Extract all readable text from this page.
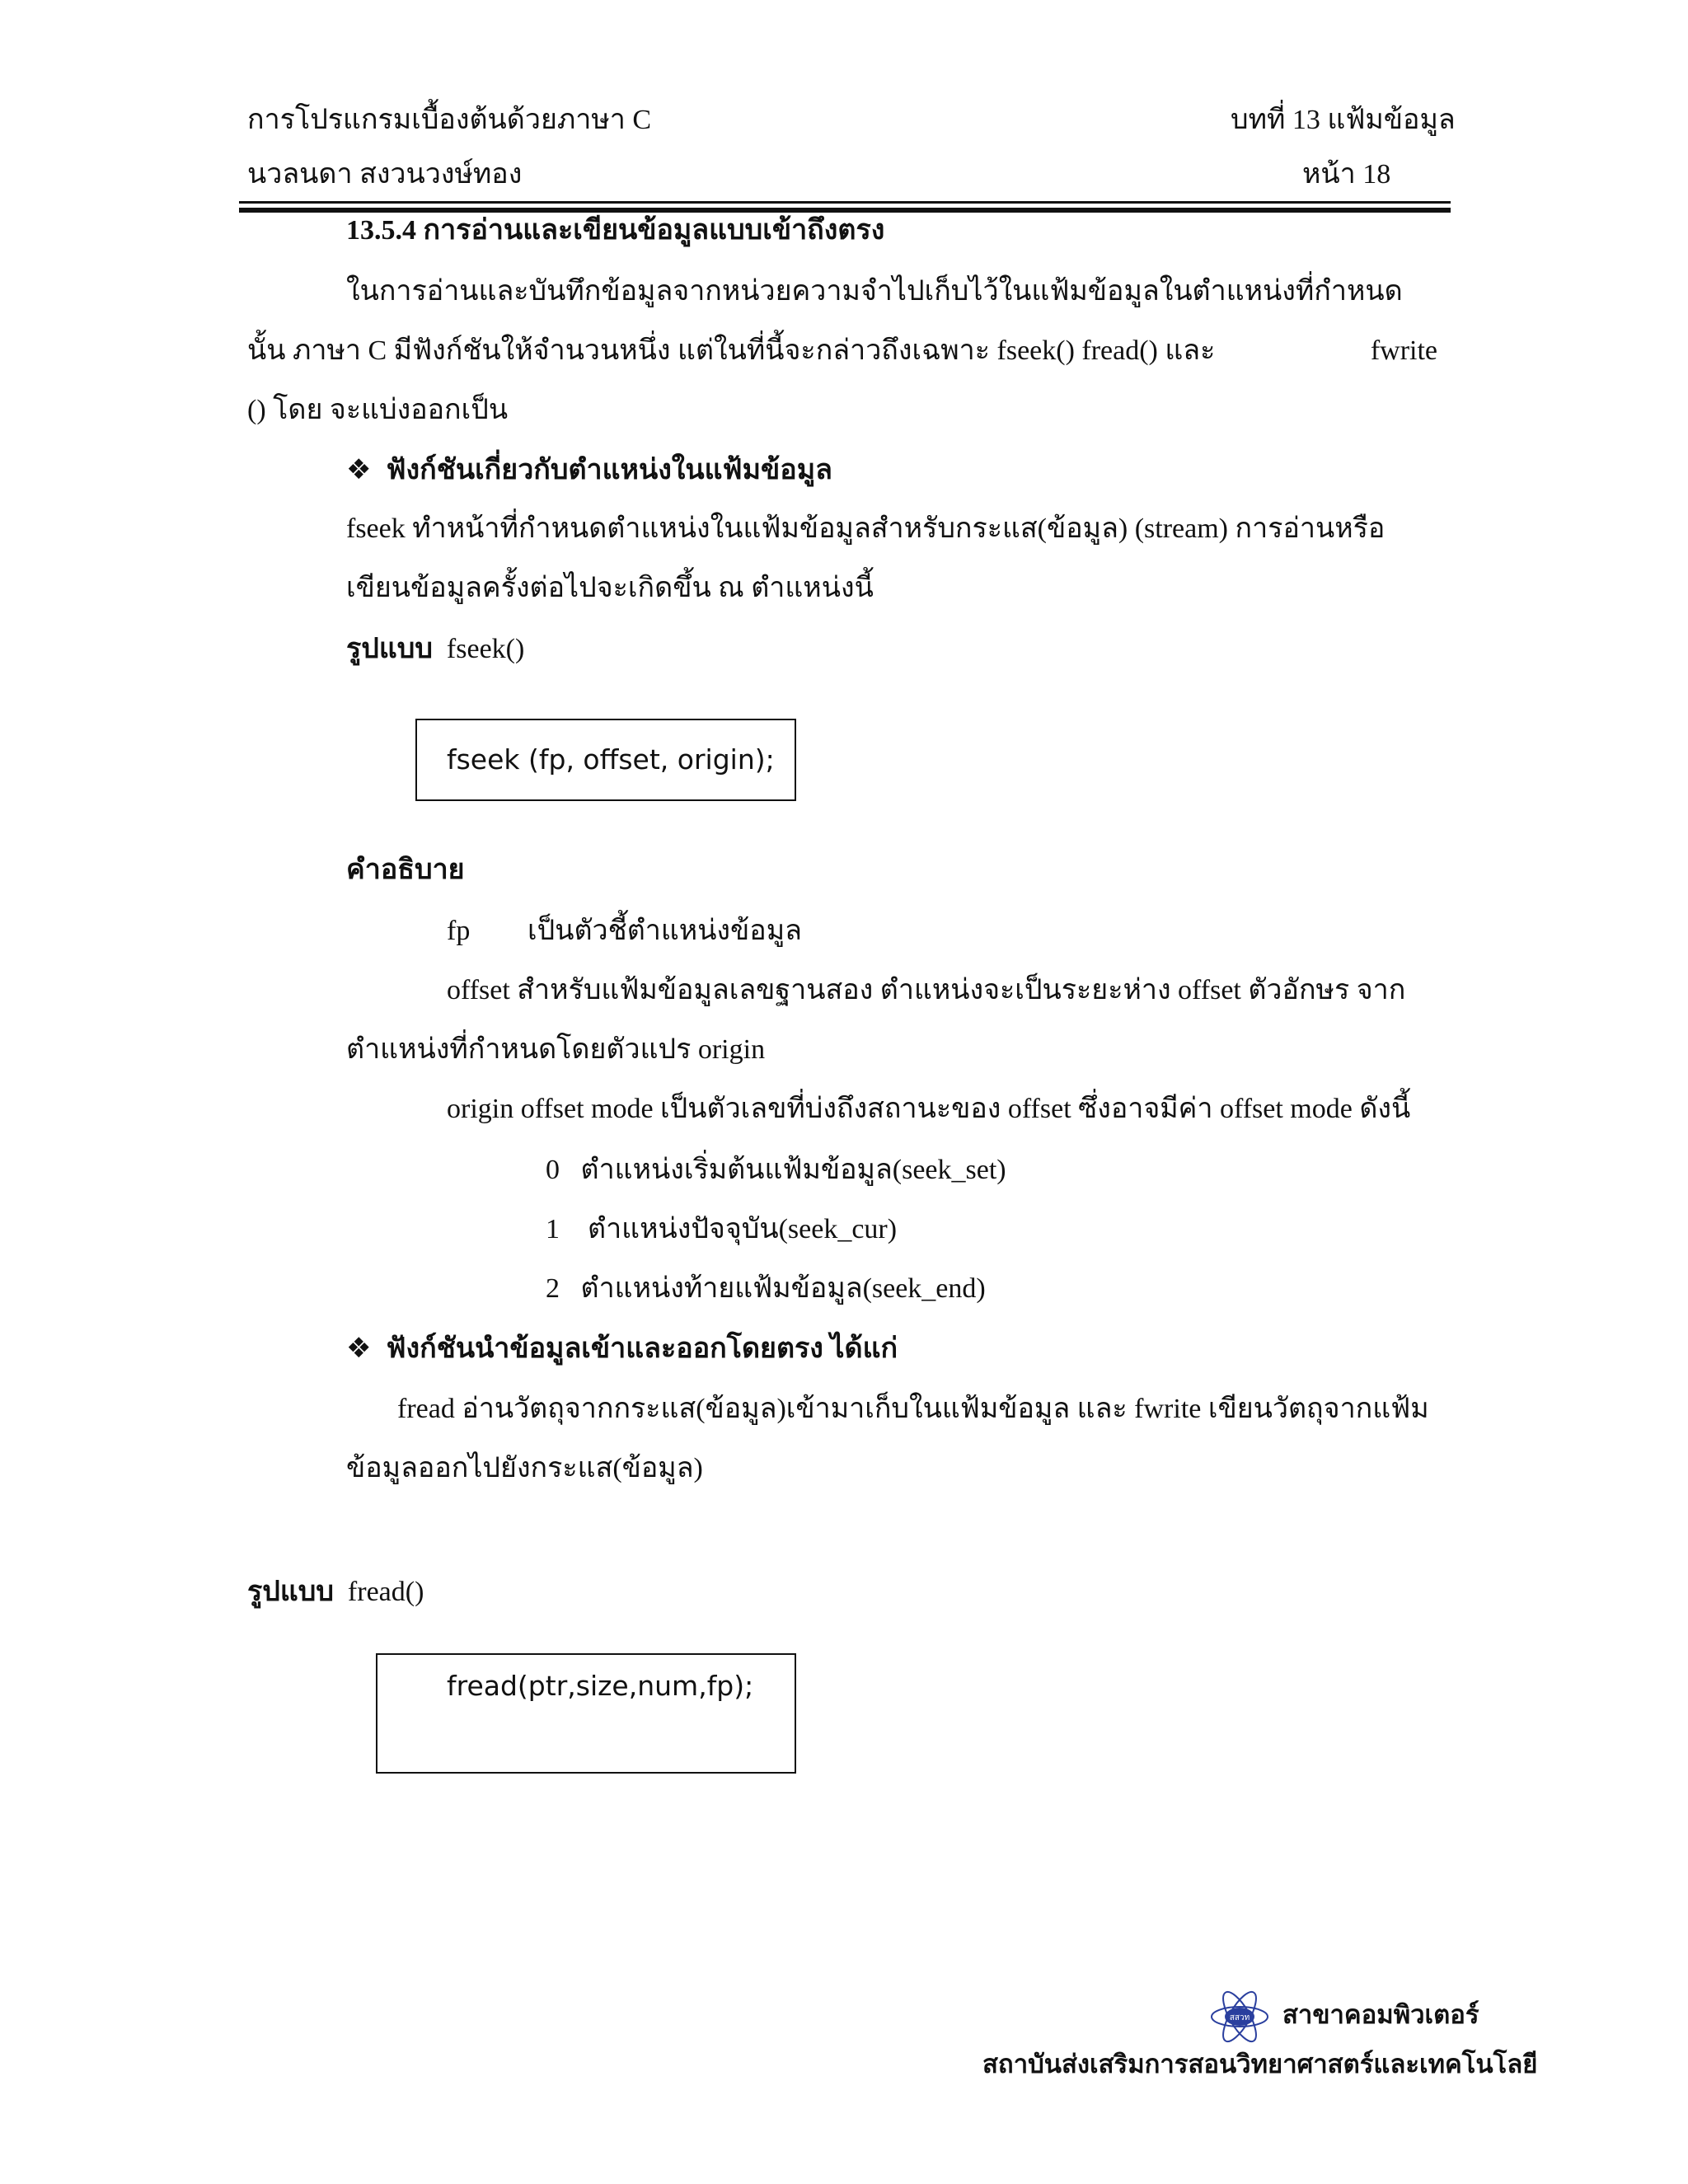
การโปรแกรมเบื้องต้นด้วยภาษา C	บทที่ 13 แฟ้มข้อมูล
นวลนดา สงวนวงษ์ทอง	หน้า 18
13.5.4 การอ่านและเขียนข้อมูลแบบเข้าถึงตรง
ในการอ่านและบันทึกข้อมูลจากหน่วยความจำไปเก็บไว้ในแฟ้มข้อมูลในตำแหน่งที่กำหนด
นั้น ภาษา C มีฟังก์ชันให้จำนวนหนึ่ง แต่ในที่นี้จะกล่าวถึงเฉพาะ fseek() fread() และ	fwrite
() โดย จะแบ่งออกเป็น
❖ ฟังก์ชันเกี่ยวกับตำแหน่งในแฟ้มข้อมูล
fseek ทำหน้าที่กำหนดตำแหน่งในแฟ้มข้อมูลสำหรับกระแส(ข้อมูล) (stream) การอ่านหรือ
เขียนข้อมูลครั้งต่อไปจะเกิดขึ้น ณ ตำแหน่งนี้
รูปแบบ fseek()
fseek (fp, offset, origin);
คำอธิบาย
fp เป็นตัวชี้ตำแหน่งข้อมูล
offset สำหรับแฟ้มข้อมูลเลขฐานสอง ตำแหน่งจะเป็นระยะห่าง offset ตัวอักษร จาก
ตำแหน่งที่กำหนดโดยตัวแปร origin
origin offset mode เป็นตัวเลขที่บ่งถึงสถานะของ offset ซึ่งอาจมีค่า offset mode ดังนี้
0 ตำแหน่งเริ่มต้นแฟ้มข้อมูล(seek_set)
1 ตำแหน่งปัจจุบัน(seek_cur)
2 ตำแหน่งท้ายแฟ้มข้อมูล(seek_end)
❖ ฟังก์ชันนำข้อมูลเข้าและออกโดยตรง ได้แก่
fread อ่านวัตถุจากกระแส(ข้อมูล)เข้ามาเก็บในแฟ้มข้อมูล และ fwrite เขียนวัตถุจากแฟ้ม
ข้อมูลออกไปยังกระแส(ข้อมูล)
รูปแบบ fread()
fread(ptr,size,num,fp);
สสวท สาขาคอมพิวเตอร์
สถาบันส่งเสริมการสอนวิทยาศาสตร์และเทคโนโลยี
